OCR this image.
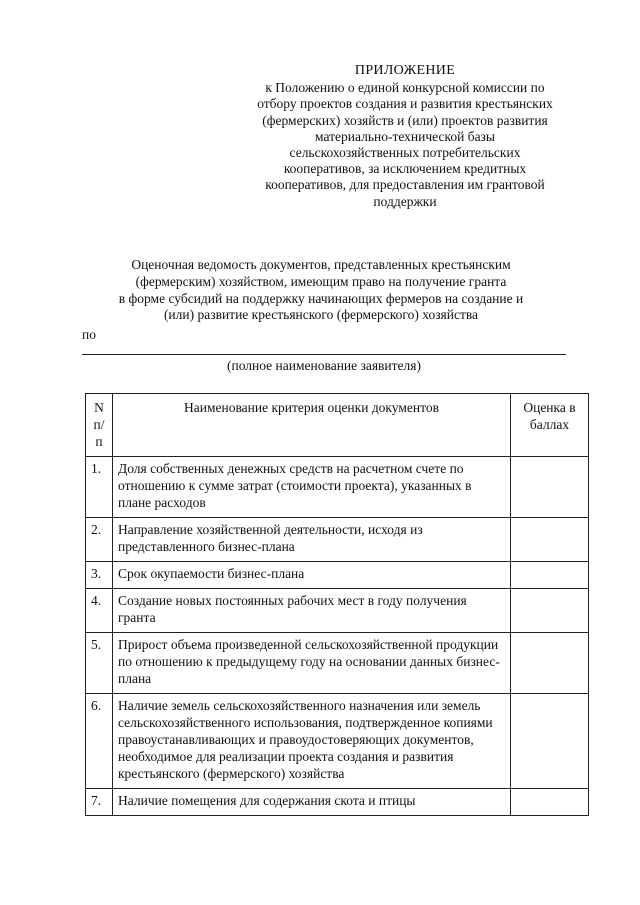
ПРИЛОЖЕНИЕ
к Положению о единой конкурсной комиссии по
отбору проектов создания и развития крестьянских
(фермерских) хозяйств и (или) проектов развития
материально-технической базы
сельскохозяйственных потребительских
кооперативов, за исключением кредитных
кооперативов, для предоставления им грантовой
поддержки
Оценочная ведомость документов, представленных крестьянским
(фермерским) хозяйством, имеющим право на получение гранта
в форме субсидий на поддержку начинающих фермеров на создание и
(или) развитие крестьянского (фермерского) хозяйства
по
(полное наименование заявителя)
N п/п	Наименование критерия оценки документов	Оценка в баллах
1.	Доля собственных денежных средств на расчетном счете по отношению к сумме затрат (стоимости проекта), указанных в плане расходов	
2.	Направление хозяйственной деятельности, исходя из представленного бизнес-плана	
3.	Срок окупаемости бизнес-плана	
4.	Создание новых постоянных рабочих мест в году получения гранта	
5.	Прирост объема произведенной сельскохозяйственной продукции по отношению к предыдущему году на основании данных бизнес-плана	
6.	Наличие земель сельскохозяйственного назначения или земель сельскохозяйственного использования, подтвержденное копиями правоустанавливающих и правоудостоверяющих документов, необходимое для реализации проекта создания и развития крестьянского (фермерского) хозяйства	
7.	Наличие помещения для содержания скота и птицы	
